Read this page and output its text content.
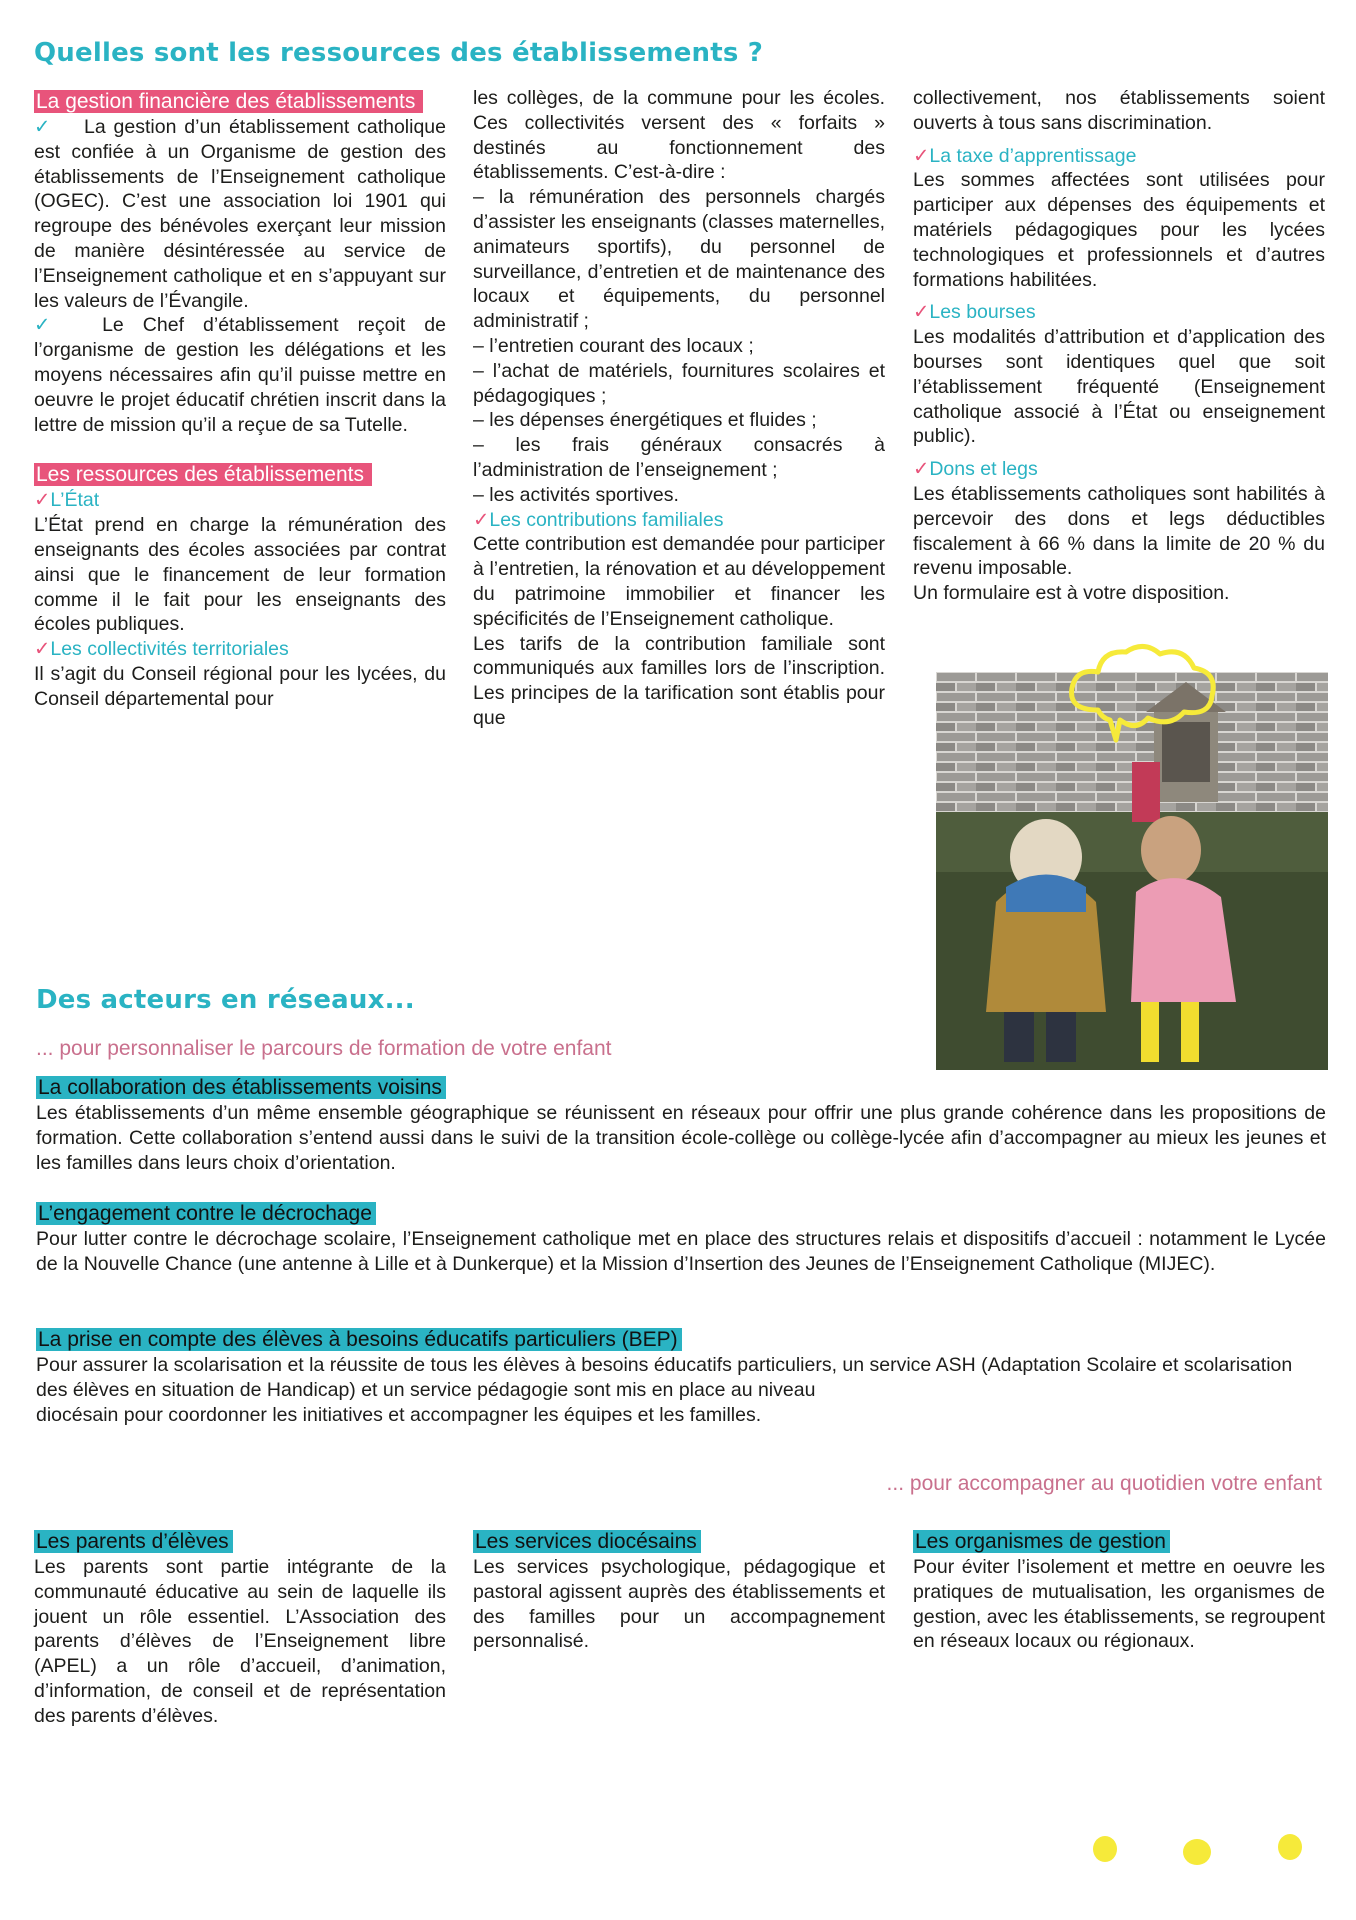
Quelles sont les ressources des établissements ?
La gestion financière des établissements

✓ La gestion d’un établissement catholique est confiée à un Organisme de gestion des établissements de l’Enseignement catholique (OGEC). C’est une association loi 1901 qui regroupe des bénévoles exerçant leur mission de manière désintéressée au service de l’Enseignement catholique et en s’appuyant sur les valeurs de l’Évangile.

✓ Le Chef d’établissement reçoit de l’organisme de gestion les délégations et les moyens nécessaires afin qu’il puisse mettre en oeuvre le projet éducatif chrétien inscrit dans la lettre de mission qu’il a reçue de sa Tutelle.

Les ressources des établissements

✓L’État

L’État prend en charge la rémunération des enseignants des écoles associées par contrat ainsi que le financement de leur formation comme il le fait pour les enseignants des écoles publiques.

✓Les collectivités territoriales

Il s’agit du Conseil régional pour les lycées, du Conseil départemental pour

les collèges, de la commune pour les écoles. Ces collectivités versent des « forfaits » destinés au fonctionnement des établissements. C’est-à-dire :

– la rémunération des personnels chargés d’assister les enseignants (classes maternelles, animateurs sportifs), du personnel de surveillance, d’entretien et de maintenance des locaux et équipements, du personnel administratif ;

– l’entretien courant des locaux ;

– l’achat de matériels, fournitures scolaires et pédagogiques ;

– les dépenses énergétiques et fluides ;

– les frais généraux consacrés à l’administration de l’enseignement ;

– les activités sportives.

✓Les contributions familiales

Cette contribution est demandée pour participer à l’entretien, la rénovation et au développement du patrimoine immobilier et financer les spécificités de l’Enseignement catholique.

Les tarifs de la contribution familiale sont communiqués aux familles lors de l’inscription. Les principes de la tarification sont établis pour que

collectivement, nos établissements soient ouverts à tous sans discrimination.

✓La taxe d’apprentissage

Les sommes affectées sont utilisées pour participer aux dépenses des équipements et matériels pédagogiques pour les lycées technologiques et professionnels et d’autres formations habilitées.

✓Les bourses

Les modalités d’attribution et d’application des bourses sont identiques quel que soit l’établissement fréquenté (Enseignement catholique associé à l’État ou enseignement public).

✓Dons et legs

Les établissements catholiques sont habilités à percevoir des dons et legs déductibles fiscalement à 66 % dans la limite de 20 % du revenu imposable.

Un formulaire est à votre disposition.

Des acteurs en réseaux...
... pour personnaliser le parcours de formation de votre enfant
La collaboration des établissements voisins

Les établissements d’un même ensemble géographique se réunissent en réseaux pour offrir une plus grande cohérence dans les propositions de formation. Cette collaboration s’entend aussi dans le suivi de la transition école-collège ou collège-lycée afin d’accompagner au mieux les jeunes et les familles dans leurs choix d’orientation.

L’engagement contre le décrochage

Pour lutter contre le décrochage scolaire, l’Enseignement catholique met en place des structures relais et dispositifs d’accueil : notamment le Lycée de la Nouvelle Chance (une antenne à Lille et à Dunkerque) et la Mission d’Insertion des Jeunes de l’Enseignement Catholique (MIJEC).

La prise en compte des élèves à besoins éducatifs particuliers (BEP)

Pour assurer la scolarisation et la réussite de tous les élèves à besoins éducatifs particuliers, un service ASH (Adaptation Scolaire et scolarisation des élèves en situation de Handicap) et un service pédagogie sont mis en place au niveau

diocésain pour coordonner les initiatives et accompagner les équipes et les familles.

... pour accompagner au quotidien votre enfant
Les parents d’élèves

Les parents sont partie intégrante de la communauté éducative au sein de laquelle ils jouent un rôle essentiel. L’Association des parents d’élèves de l’Enseignement libre (APEL) a un rôle d’accueil, d’animation, d’information, de conseil et de représentation des parents d’élèves.

Les services diocésains

Les services psychologique, pédagogique et pastoral agissent auprès des établissements et des familles pour un accompagnement personnalisé.

Les organismes de gestion

Pour éviter l’isolement et mettre en oeuvre les pratiques de mutualisation, les organismes de gestion, avec les établissements, se regroupent en réseaux locaux ou régionaux.
